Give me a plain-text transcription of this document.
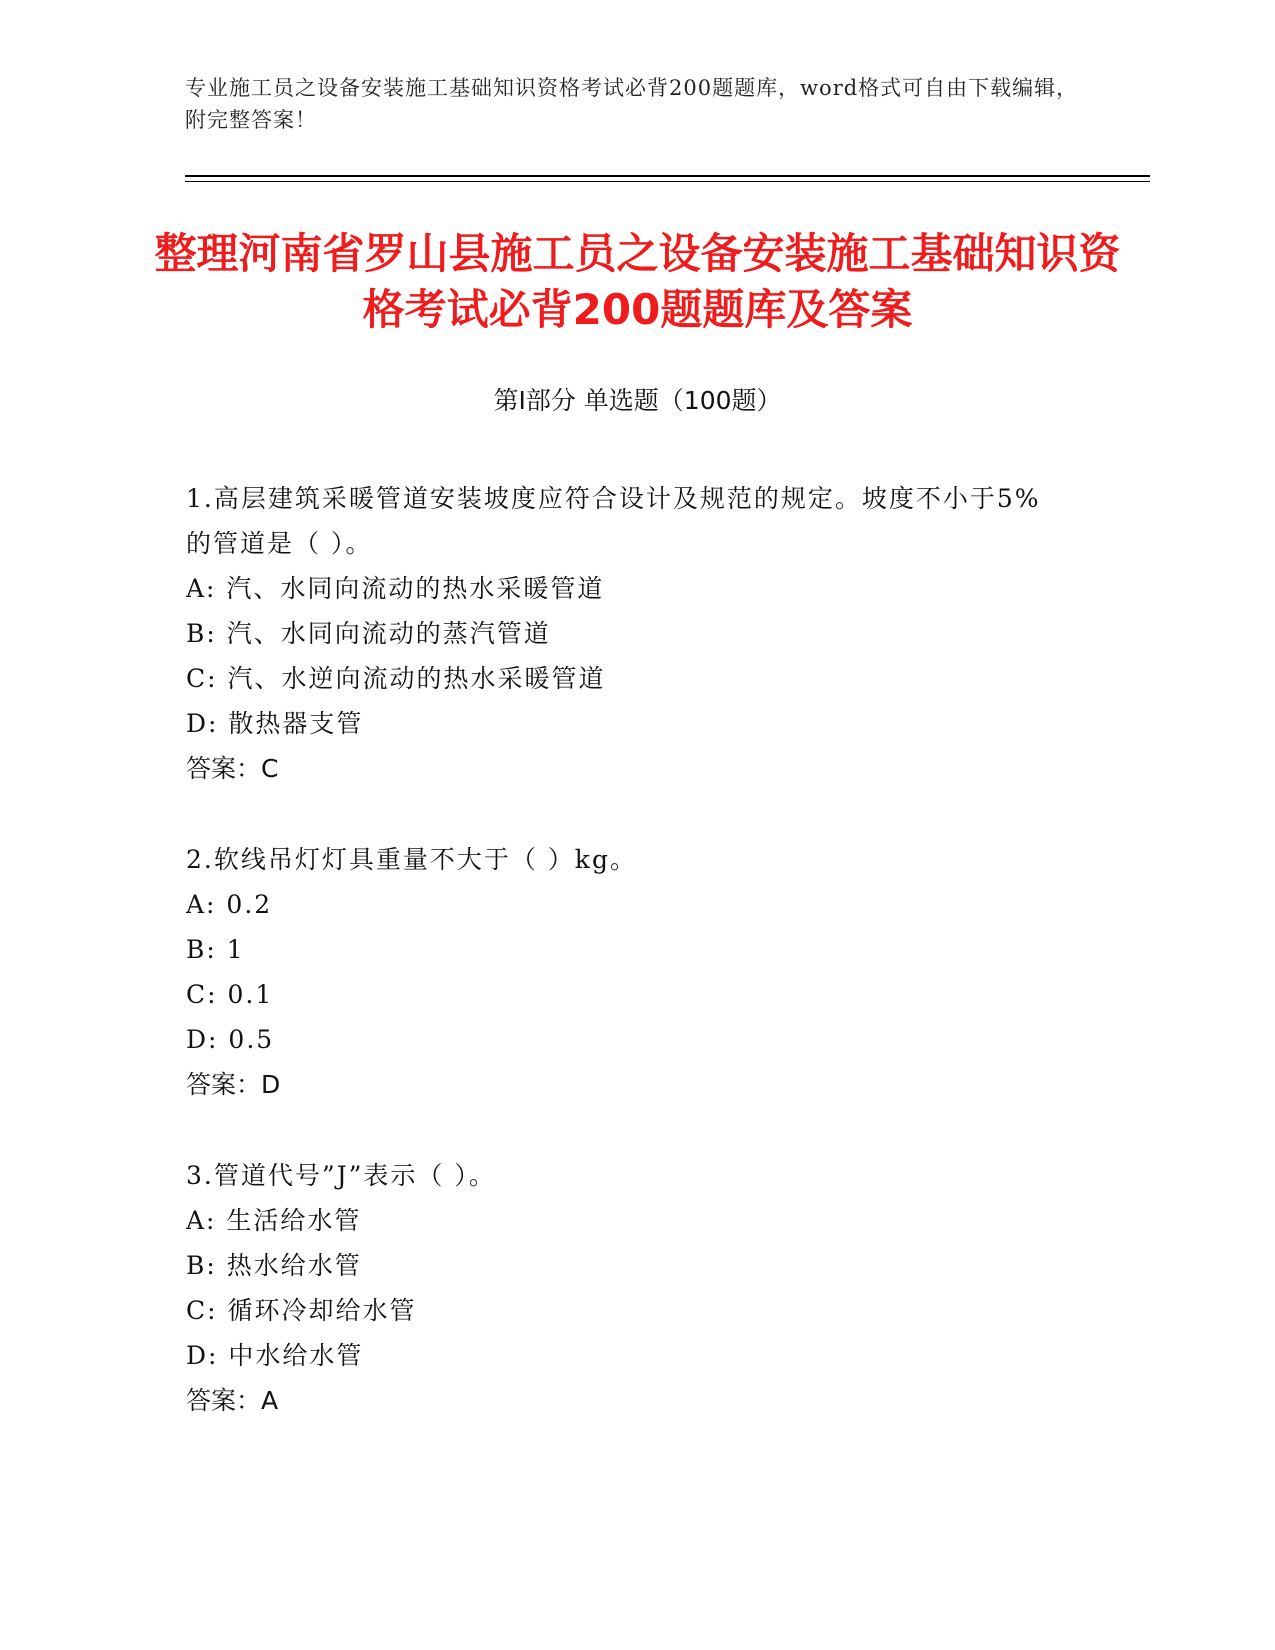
专业施工员之设备安装施工基础知识资格考试必背200题题库，word格式可自由下载编辑，附完整答案！
整理河南省罗山县施工员之设备安装施工基础知识资格考试必背200题题库及答案
第Ⅰ部分 单选题（100题）
1.高层建筑采暖管道安装坡度应符合设计及规范的规定。坡度不小于5%的管道是（ ）。
A: 汽、水同向流动的热水采暖管道
B: 汽、水同向流动的蒸汽管道
C: 汽、水逆向流动的热水采暖管道
D: 散热器支管
答案：C
2.软线吊灯灯具重量不大于（ ）kg。
A: 0.2
B: 1
C: 0.1
D: 0.5
答案：D
3.管道代号”J”表示（ ）。
A: 生活给水管
B: 热水给水管
C: 循环冷却给水管
D: 中水给水管
答案：A
